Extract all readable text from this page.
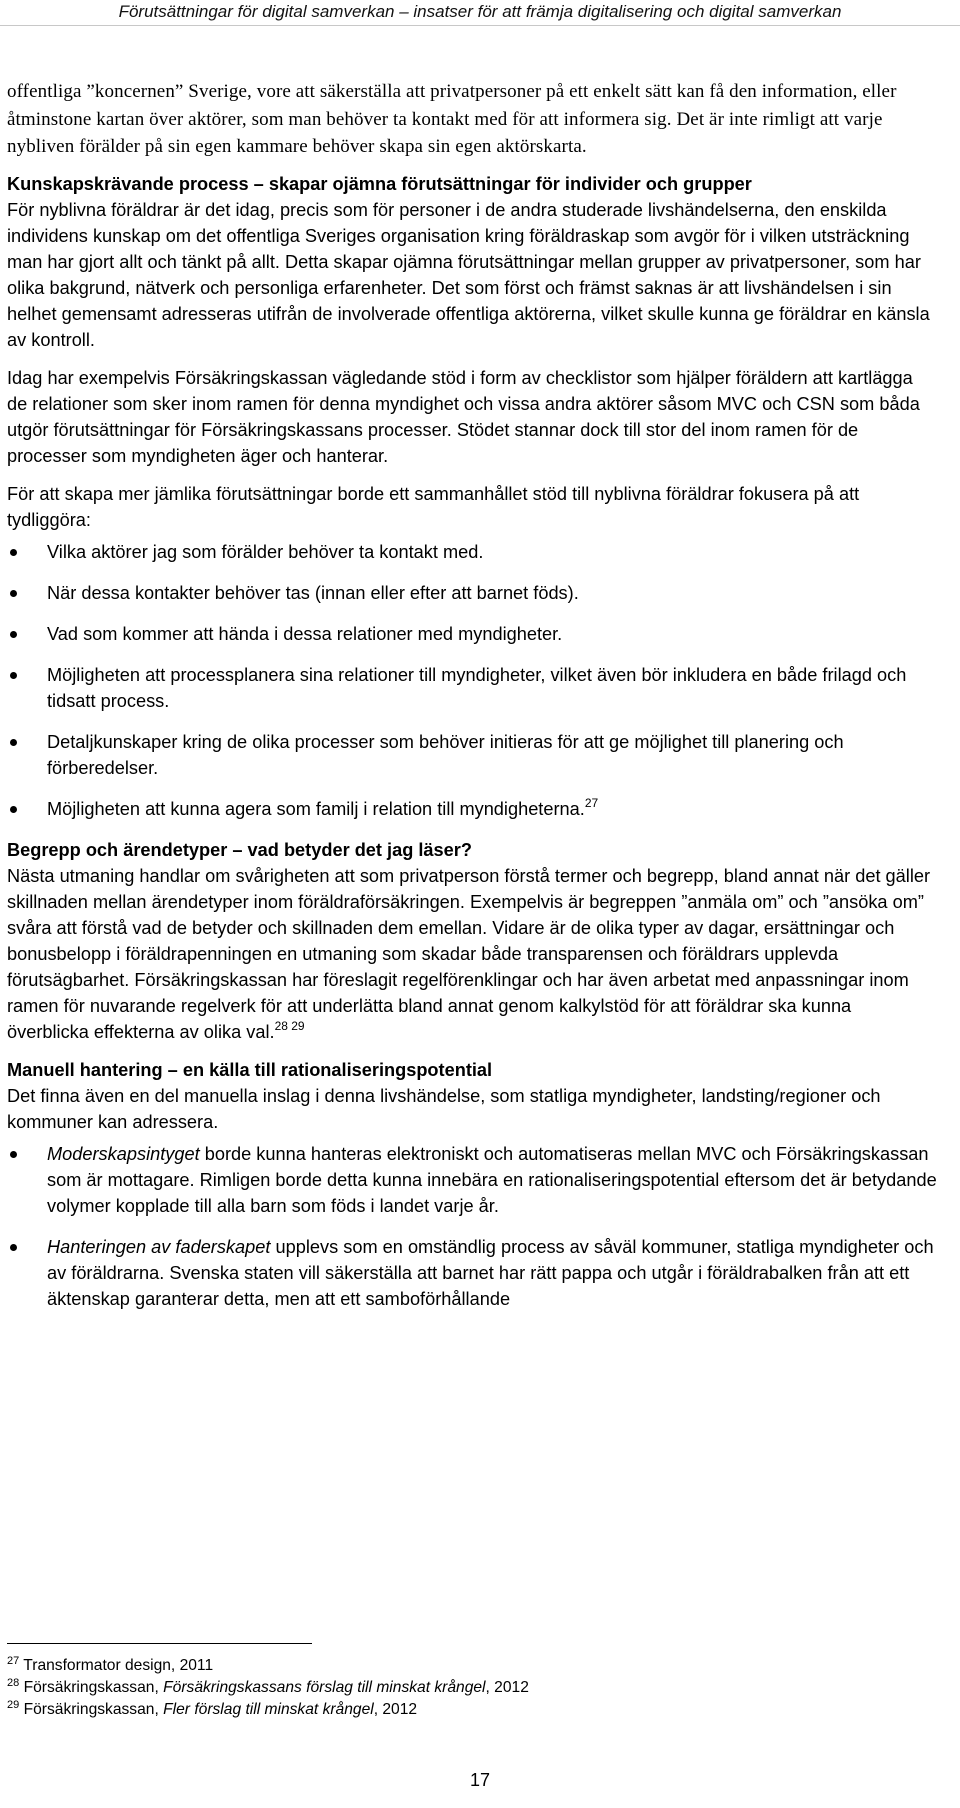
Förutsättningar för digital samverkan – insatser för att främja digitalisering och digital samverkan

offentliga ”koncernen” Sverige, vore att säkerställa att privatpersoner på ett enkelt sätt kan få den information, eller åtminstone kartan över aktörer, som man behöver ta kontakt med för att informera sig. Det är inte rimligt att varje nybliven förälder på sin egen kammare behöver skapa sin egen aktörskarta.

Kunskapskrävande process – skapar ojämna förutsättningar för individer och grupper

För nyblivna föräldrar är det idag, precis som för personer i de andra studerade livshändelserna, den enskilda individens kunskap om det offentliga Sveriges organisation kring föräldraskap som avgör för i vilken utsträckning man har gjort allt och tänkt på allt. Detta skapar ojämna förutsättningar mellan grupper av privatpersoner, som har olika bakgrund, nätverk och personliga erfarenheter. Det som först och främst saknas är att livshändelsen i sin helhet gemensamt adresseras utifrån de involverade offentliga aktörerna, vilket skulle kunna ge föräldrar en känsla av kontroll.

Idag har exempelvis Försäkringskassan vägledande stöd i form av checklistor som hjälper föräldern att kartlägga de relationer som sker inom ramen för denna myndighet och vissa andra aktörer såsom MVC och CSN som båda utgör förutsättningar för Försäkringskassans processer. Stödet stannar dock till stor del inom ramen för de processer som myndigheten äger och hanterar.

För att skapa mer jämlika förutsättningar borde ett sammanhållet stöd till nyblivna föräldrar fokusera på att tydliggöra:

Vilka aktörer jag som förälder behöver ta kontakt med.
När dessa kontakter behöver tas (innan eller efter att barnet föds).
Vad som kommer att hända i dessa relationer med myndigheter.
Möjligheten att processplanera sina relationer till myndigheter, vilket även bör inkludera en både frilagd och tidsatt process.
Detaljkunskaper kring de olika processer som behöver initieras för att ge möjlighet till planering och förberedelser.
Möjligheten att kunna agera som familj i relation till myndigheterna.$^{27}$

Begrepp och ärendetyper – vad betyder det jag läser?

Nästa utmaning handlar om svårigheten att som privatperson förstå termer och begrepp, bland annat när det gäller skillnaden mellan ärendetyper inom föräldraförsäkringen. Exempelvis är begreppen ”anmäla om” och ”ansöka om” svåra att förstå vad de betyder och skillnaden dem emellan. Vidare är de olika typer av dagar, ersättningar och bonusbelopp i föräldrapenningen en utmaning som skadar både transparensen och föräldrars upplevda förutsägbarhet. Försäkringskassan har föreslagit regelförenklingar och har även arbetat med anpassningar inom ramen för nuvarande regelverk för att underlätta bland annat genom kalkylstöd för att föräldrar ska kunna överblicka effekterna av olika val.$^{28 29}$

Manuell hantering – en källa till rationaliseringspotential

Det finna även en del manuella inslag i denna livshändelse, som statliga myndigheter, landsting/regioner och kommuner kan adressera.

Moderskapsintyget borde kunna hanteras elektroniskt och automatiseras mellan MVC och Försäkringskassan som är mottagare. Rimligen borde detta kunna innebära en rationaliseringspotential eftersom det är betydande volymer kopplade till alla barn som föds i landet varje år.
Hanteringen av faderskapet upplevs som en omständlig process av såväl kommuner, statliga myndigheter och av föräldrarna. Svenska staten vill säkerställa att barnet har rätt pappa och utgår i föräldrabalken från att ett äktenskap garanterar detta, men att ett samboförhållande
$^{27}$ Transformator design, 2011
$^{28}$ Försäkringskassan, Försäkringskassans förslag till minskat krångel, 2012
$^{29}$ Försäkringskassan, Fler förslag till minskat krångel, 2012
17
